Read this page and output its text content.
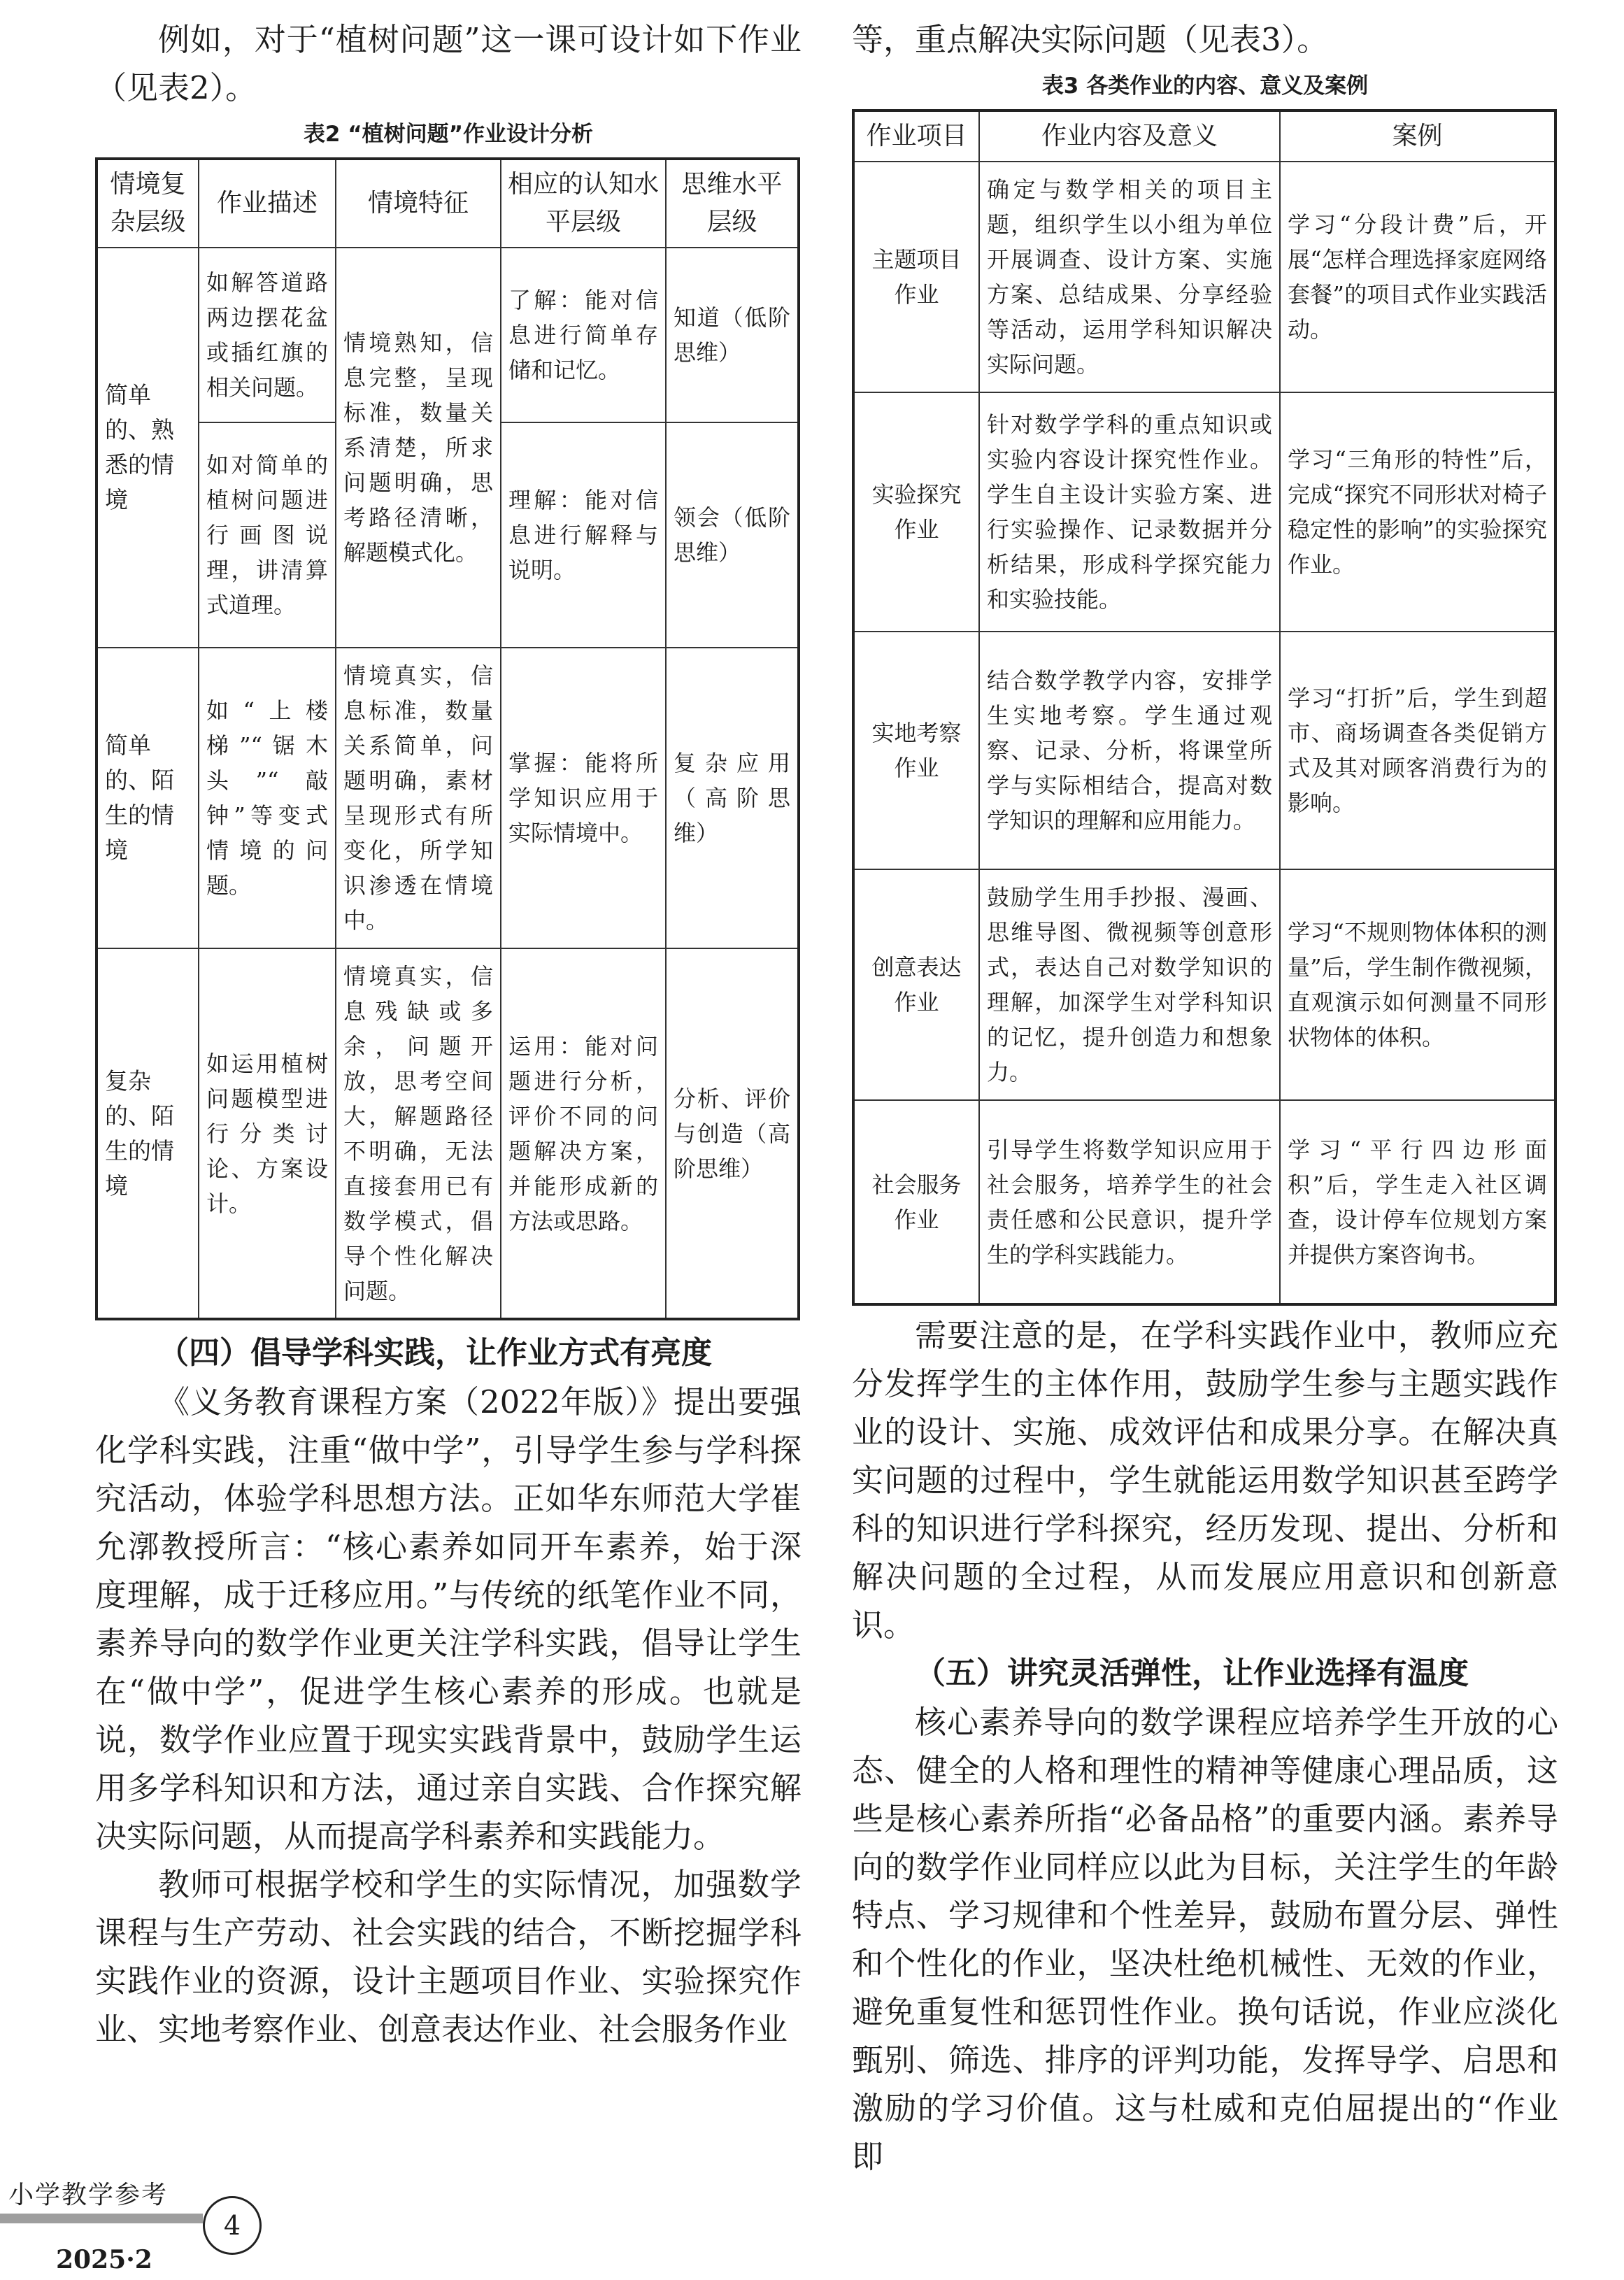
例如，对于“植树问题”这一课可设计如下作业（见表2）。

表2 “植树问题”作业设计分析

情境复杂层级	作业描述	情境特征	相应的认知水平层级	思维水平层级
简单的、熟悉的情境	如解答道路两边摆花盆或插红旗的相关问题。	情境熟知，信息完整，呈现标准，数量关系清楚，所求问题明确，思考路径清晰，解题模式化。	了解：能对信息进行简单存储和记忆。	知道（低阶思维）
	如对简单的植树问题进行画图说理，讲清算式道理。		理解：能对信息进行解释与说明。	领会（低阶思维）
简单的、陌生的情境	如“上楼梯”“锯木头”“敲钟”等变式情境的问题。	情境真实，信息标准，数量关系简单，问题明确，素材呈现形式有所变化，所学知识渗透在情境中。	掌握：能将所学知识应用于实际情境中。	复杂应用（高阶思维）
复杂的、陌生的情境	如运用植树问题模型进行分类讨论、方案设计。	情境真实，信息残缺或多余，问题开放，思考空间大，解题路径不明确，无法直接套用已有数学模式，倡导个性化解决问题。	运用：能对问题进行分析，评价不同的问题解决方案，并能形成新的方法或思路。	分析、评价与创造（高阶思维）

（四）倡导学科实践，让作业方式有亮度

《义务教育课程方案（2022年版）》提出要强化学科实践，注重“做中学”，引导学生参与学科探究活动，体验学科思想方法。正如华东师范大学崔允漷教授所言：“核心素养如同开车素养，始于深度理解，成于迁移应用。”与传统的纸笔作业不同，素养导向的数学作业更关注学科实践，倡导让学生在“做中学”，促进学生核心素养的形成。也就是说，数学作业应置于现实实践背景中，鼓励学生运用多学科知识和方法，通过亲自实践、合作探究解决实际问题，从而提高学科素养和实践能力。

教师可根据学校和学生的实际情况，加强数学课程与生产劳动、社会实践的结合，不断挖掘学科实践作业的资源，设计主题项目作业、实验探究作业、实地考察作业、创意表达作业、社会服务作业

等，重点解决实际问题（见表3）。

表3 各类作业的内容、意义及案例

作业项目	作业内容及意义	案例
主题项目作业	确定与数学相关的项目主题，组织学生以小组为单位开展调查、设计方案、实施方案、总结成果、分享经验等活动，运用学科知识解决实际问题。	学习“分段计费”后，开展“怎样合理选择家庭网络套餐”的项目式作业实践活动。
实验探究作业	针对数学学科的重点知识或实验内容设计探究性作业。学生自主设计实验方案、进行实验操作、记录数据并分析结果，形成科学探究能力和实验技能。	学习“三角形的特性”后，完成“探究不同形状对椅子稳定性的影响”的实验探究作业。
实地考察作业	结合数学教学内容，安排学生实地考察。学生通过观察、记录、分析，将课堂所学与实际相结合，提高对数学知识的理解和应用能力。	学习“打折”后，学生到超市、商场调查各类促销方式及其对顾客消费行为的影响。
创意表达作业	鼓励学生用手抄报、漫画、思维导图、微视频等创意形式，表达自己对数学知识的理解，加深学生对学科知识的记忆，提升创造力和想象力。	学习“不规则物体体积的测量”后，学生制作微视频，直观演示如何测量不同形状物体的体积。
社会服务作业	引导学生将数学知识应用于社会服务，培养学生的社会责任感和公民意识，提升学生的学科实践能力。	学习“平行四边形面积”后，学生走入社区调查，设计停车位规划方案并提供方案咨询书。

需要注意的是，在学科实践作业中，教师应充分发挥学生的主体作用，鼓励学生参与主题实践作业的设计、实施、成效评估和成果分享。在解决真实问题的过程中，学生就能运用数学知识甚至跨学科的知识进行学科探究，经历发现、提出、分析和解决问题的全过程，从而发展应用意识和创新意识。

（五）讲究灵活弹性，让作业选择有温度

核心素养导向的数学课程应培养学生开放的心态、健全的人格和理性的精神等健康心理品质，这些是核心素养所指“必备品格”的重要内涵。素养导向的数学作业同样应以此为目标，关注学生的年龄特点、学习规律和个性差异，鼓励布置分层、弹性和个性化的作业，坚决杜绝机械性、无效的作业，避免重复性和惩罚性作业。换句话说，作业应淡化甄别、筛选、排序的评判功能，发挥导学、启思和激励的学习价值。这与杜威和克伯屈提出的“作业即

小学教学参考
4
2025·2
